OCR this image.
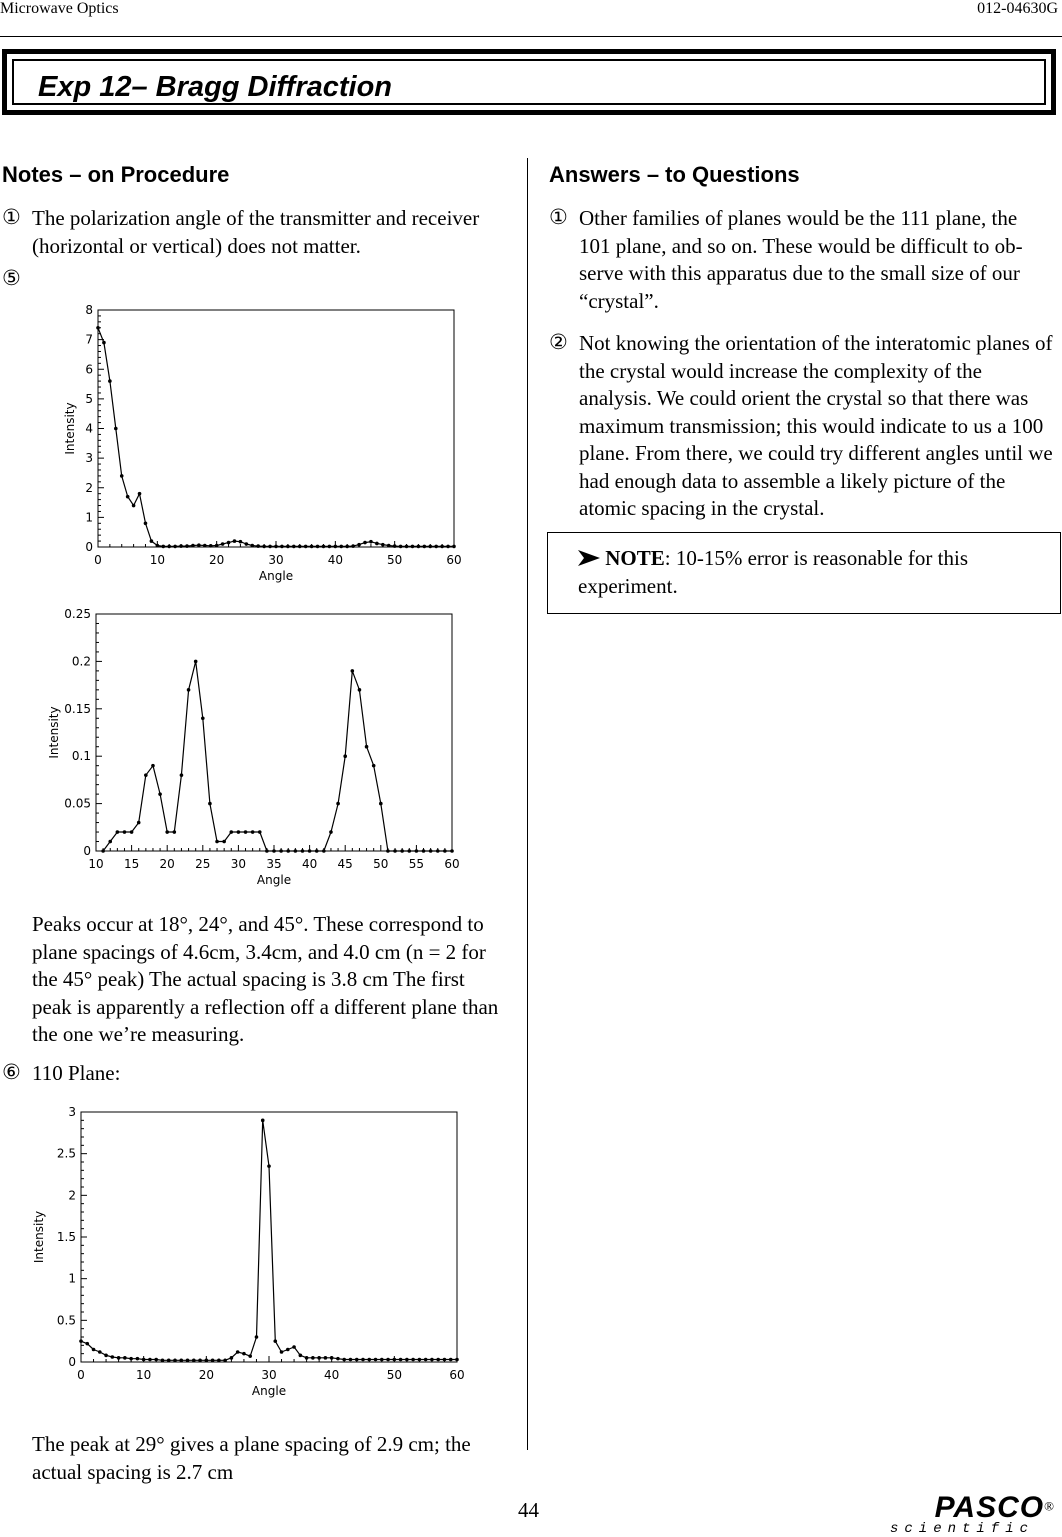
Microwave Optics	012-04630G
Exp 12– Bragg Diffraction
Notes – on Procedure
① The polarization angle of the transmitter and receiver (horizontal or vertical) does not matter.
⑤
0	10	20	30	40	50	60
0
1
2
3
4
5
6
7
8
Angle
Intensity
10 15 20 25 30 35 40 45 50 55 60
0
0.05
0.1
0.15
0.2
0.25
Angle
Intensity
Peaks occur at 18°, 24°, and 45°. These correspond to plane spacings of 4.6cm, 3.4cm, and 4.0 cm (n = 2 for the 45° peak) The actual spacing is 3.8 cm The first peak is apparently a reflection off a different plane than the one we’re measuring.
⑥ 110 Plane:
0	10	20	30	40	50	60
0
0.5
1
1.5
2
2.5
3
Angle
Intensity
The peak at 29° gives a plane spacing of 2.9 cm; the actual spacing is 2.7 cm
Answers – to Questions
① Other families of planes would be the 111 plane, the 101 plane, and so on. These would be difficult to ob-serve with this apparatus due to the small size of our “crystal”.
② Not knowing the orientation of the interatomic planes of the crystal would increase the complexity of the analysis. We could orient the crystal so that there was maximum transmission; this would indicate to us a 100 plane. From there, we could try different angles until we had enough data to assemble a likely picture of the atomic spacing in the crystal.
NOTE: 10-15% error is reasonable for this experiment.
44	PASCO®
scientific
